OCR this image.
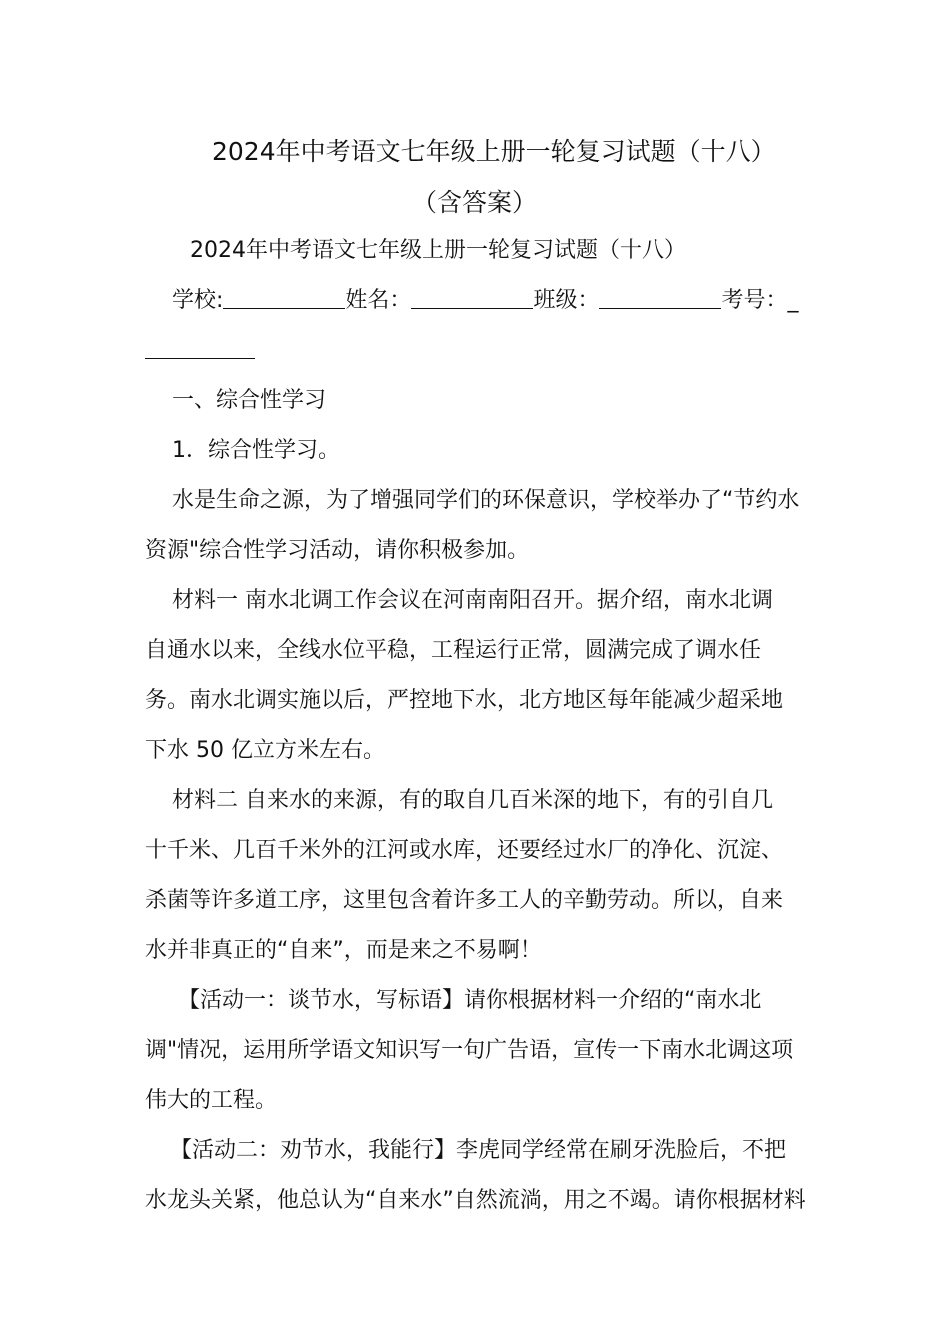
2024年中考语文七年级上册一轮复习试题（十八）
（含答案）
2024年中考语文七年级上册一轮复习试题（十八）
学校:	姓名：	班级：	考号：_
一、综合性学习
1．综合性学习。
水是生命之源，为了增强同学们的环保意识，学校举办了“节约水
资源"综合性学习活动，请你积极参加。
材料一 南水北调工作会议在河南南阳召开。据介绍，南水北调
自通水以来，全线水位平稳，工程运行正常，圆满完成了调水任
务。南水北调实施以后，严控地下水，北方地区每年能减少超采地
下水 50 亿立方米左右。
材料二 自来水的来源，有的取自几百米深的地下，有的引自几
十千米、几百千米外的江河或水库，还要经过水厂的净化、沉淀、
杀菌等许多道工序，这里包含着许多工人的辛勤劳动。所以，自来
水并非真正的“自来”，而是来之不易啊！
【活动一：谈节水，写标语】请你根据材料一介绍的“南水北
调"情况，运用所学语文知识写一句广告语，宣传一下南水北调这项
伟大的工程。
【活动二：劝节水，我能行】李虎同学经常在刷牙洗脸后，不把
水龙头关紧，他总认为“自来水”自然流淌，用之不竭。请你根据材料
